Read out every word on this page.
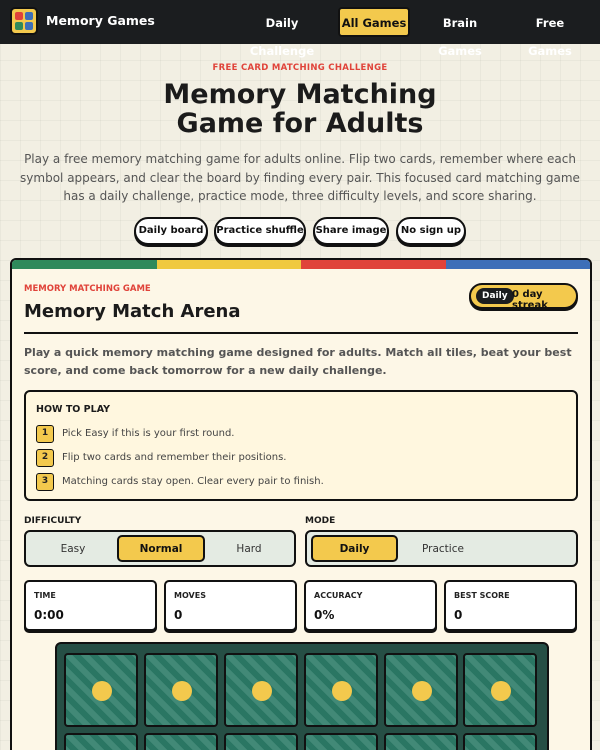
Memory Games	Daily Challenge
All Games	Brain Games
Free Games
FREE CARD MATCHING CHALLENGE
Memory Matching
Game for Adults
Play a free memory matching game for adults online. Flip two cards, remember where each symbol appears, and clear the board by finding every pair. This focused card matching game has a daily challenge, practice mode, three difficulty levels, and score sharing.
Daily board	Practice shuffle Share image	No sign up
MEMORY MATCHING GAME
Memory Match Arena
Daily 0 day streak
Play a quick memory matching game designed for adults. Match all tiles, beat your best score, and come back tomorrow for a new daily challenge.
HOW TO PLAY
1	Pick Easy if this is your first round.
2	Flip two cards and remember their positions.
3	Matching cards stay open. Clear every pair to finish.
DIFFICULTY
Easy	Normal	Hard
MODE
Daily	Practice
TIME
0:00
MOVES
0
ACCURACY
0%
BEST SCORE
0
